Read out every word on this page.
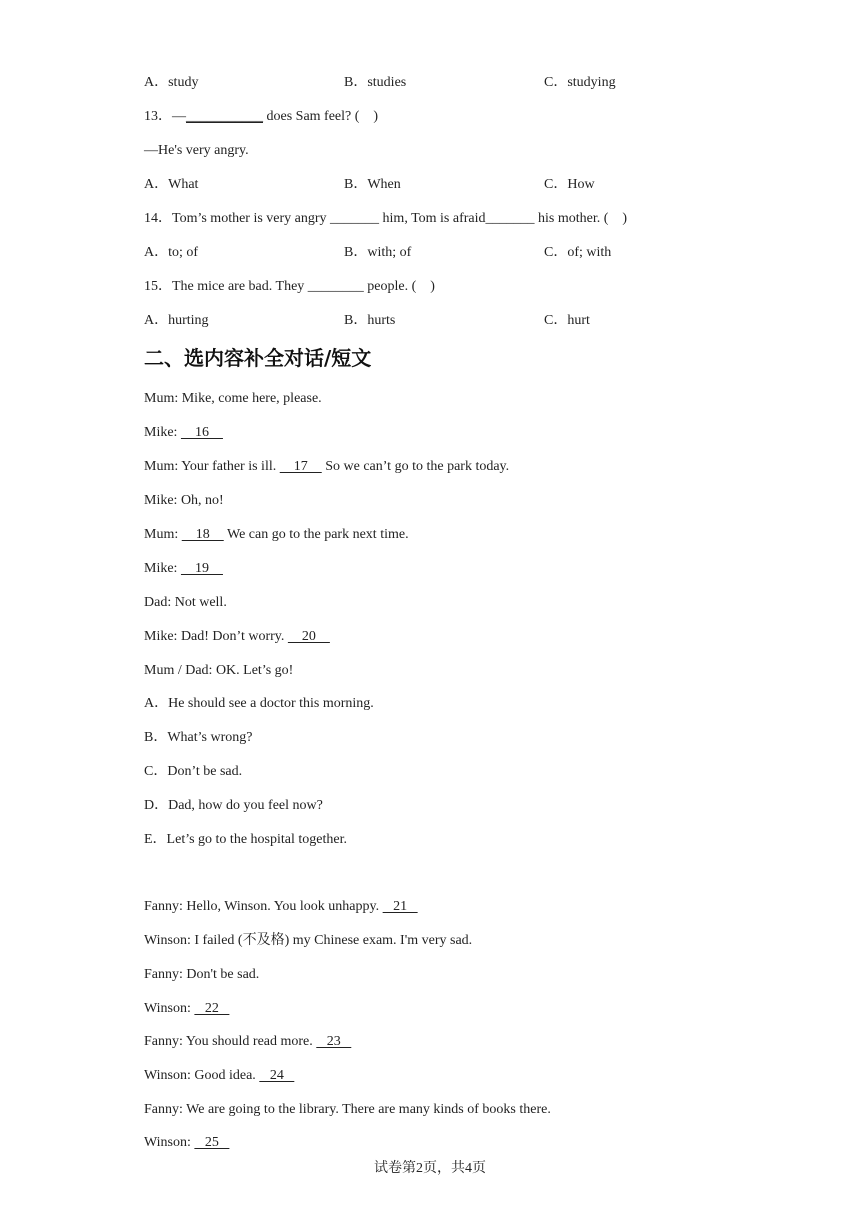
A．study	B．studies	C．studying
13．—___________ does Sam feel? (　)
—He's very angry.
A．What	B．When	C．How
14．Tom’s mother is very angry _______ him, Tom is afraid_______ his mother. (　)
A．to; of	B．with; of	C．of; with
15．The mice are bad. They ________ people. (　)
A．hurting	B．hurts	C．hurt
二、选内容补全对话/短文
Mum: Mike, come here, please.
Mike:     16
Mum: Your father is ill.     17     So we can’t go to the park today.
Mike: Oh, no!
Mum:     18     We can go to the park next time.
Mike:     19
Dad: Not well.
Mike: Dad! Don’t worry.     20
Mum / Dad: OK. Let’s go!
A．He should see a doctor this morning.
B．What’s wrong?
C．Don’t be sad.
D．Dad, how do you feel now?
E．Let’s go to the hospital together.
Fanny: Hello, Winson. You look unhappy.    21
Winson: I failed (不及格) my Chinese exam. I'm very sad.
Fanny: Don't be sad.
Winson:    22
Fanny: You should read more.    23
Winson: Good idea.    24
Fanny: We are going to the library. There are many kinds of books there.
Winson:    25
试卷第2页，共4页
